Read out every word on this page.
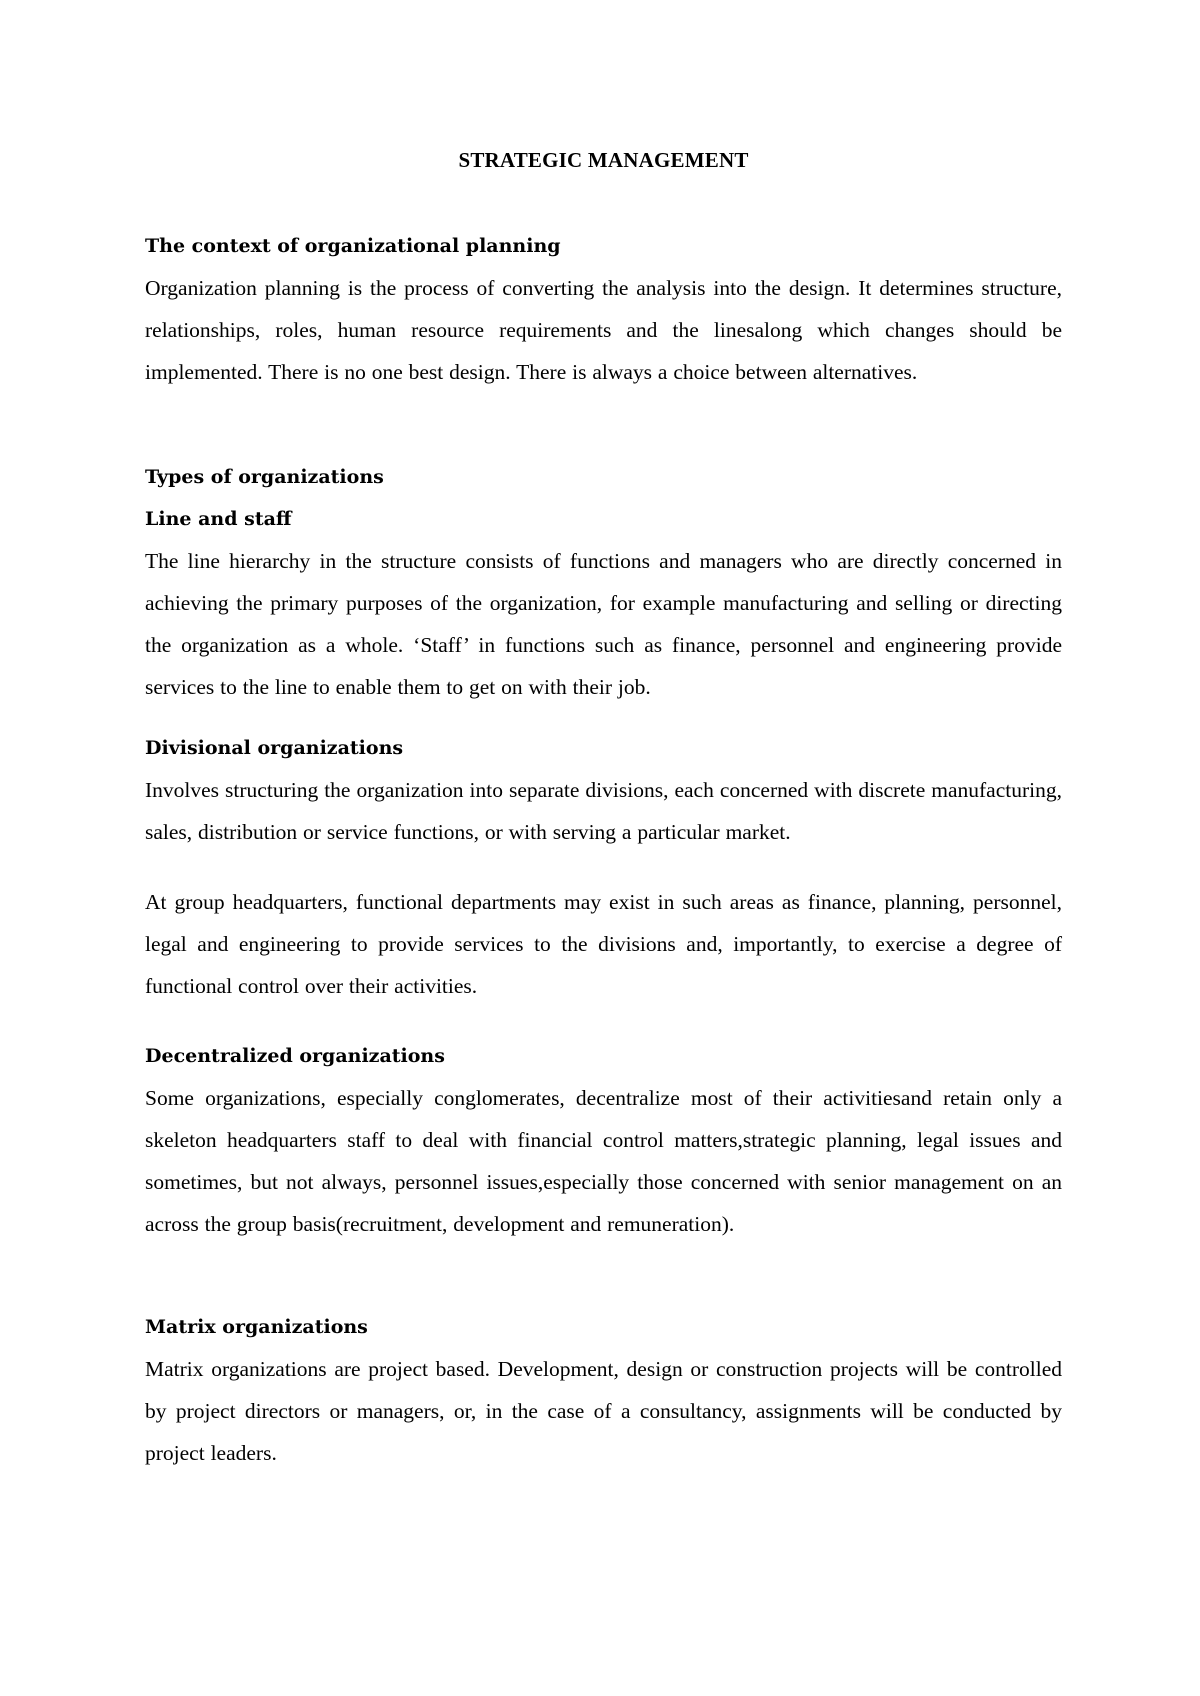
STRATEGIC MANAGEMENT
The context of organizational planning

Organization planning is the process of converting the analysis into the design. It determines structure, relationships, roles, human resource requirements and the linesalong which changes should be implemented. There is no one best design. There is always a choice between alternatives.

Types of organizations
Line and staff

The line hierarchy in the structure consists of functions and managers who are directly concerned in achieving the primary purposes of the organization, for example manufacturing and selling or directing the organization as a whole. ‘Staff’ in functions such as finance, personnel and engineering provide services to the line to enable them to get on with their job.

Divisional organizations

Involves structuring the organization into separate divisions, each concerned with discrete manufacturing, sales, distribution or service functions, or with serving a particular market.

At group headquarters, functional departments may exist in such areas as finance, planning, personnel, legal and engineering to provide services to the divisions and, importantly, to exercise a degree of functional control over their activities.

Decentralized organizations

Some organizations, especially conglomerates, decentralize most of their activitiesand retain only a skeleton headquarters staff to deal with financial control matters,strategic planning, legal issues and sometimes, but not always, personnel issues,especially those concerned with senior management on an across the group basis(recruitment, development and remuneration).

Matrix organizations

Matrix organizations are project based. Development, design or construction projects will be controlled by project directors or managers, or, in the case of a consultancy, assignments will be conducted by project leaders.
